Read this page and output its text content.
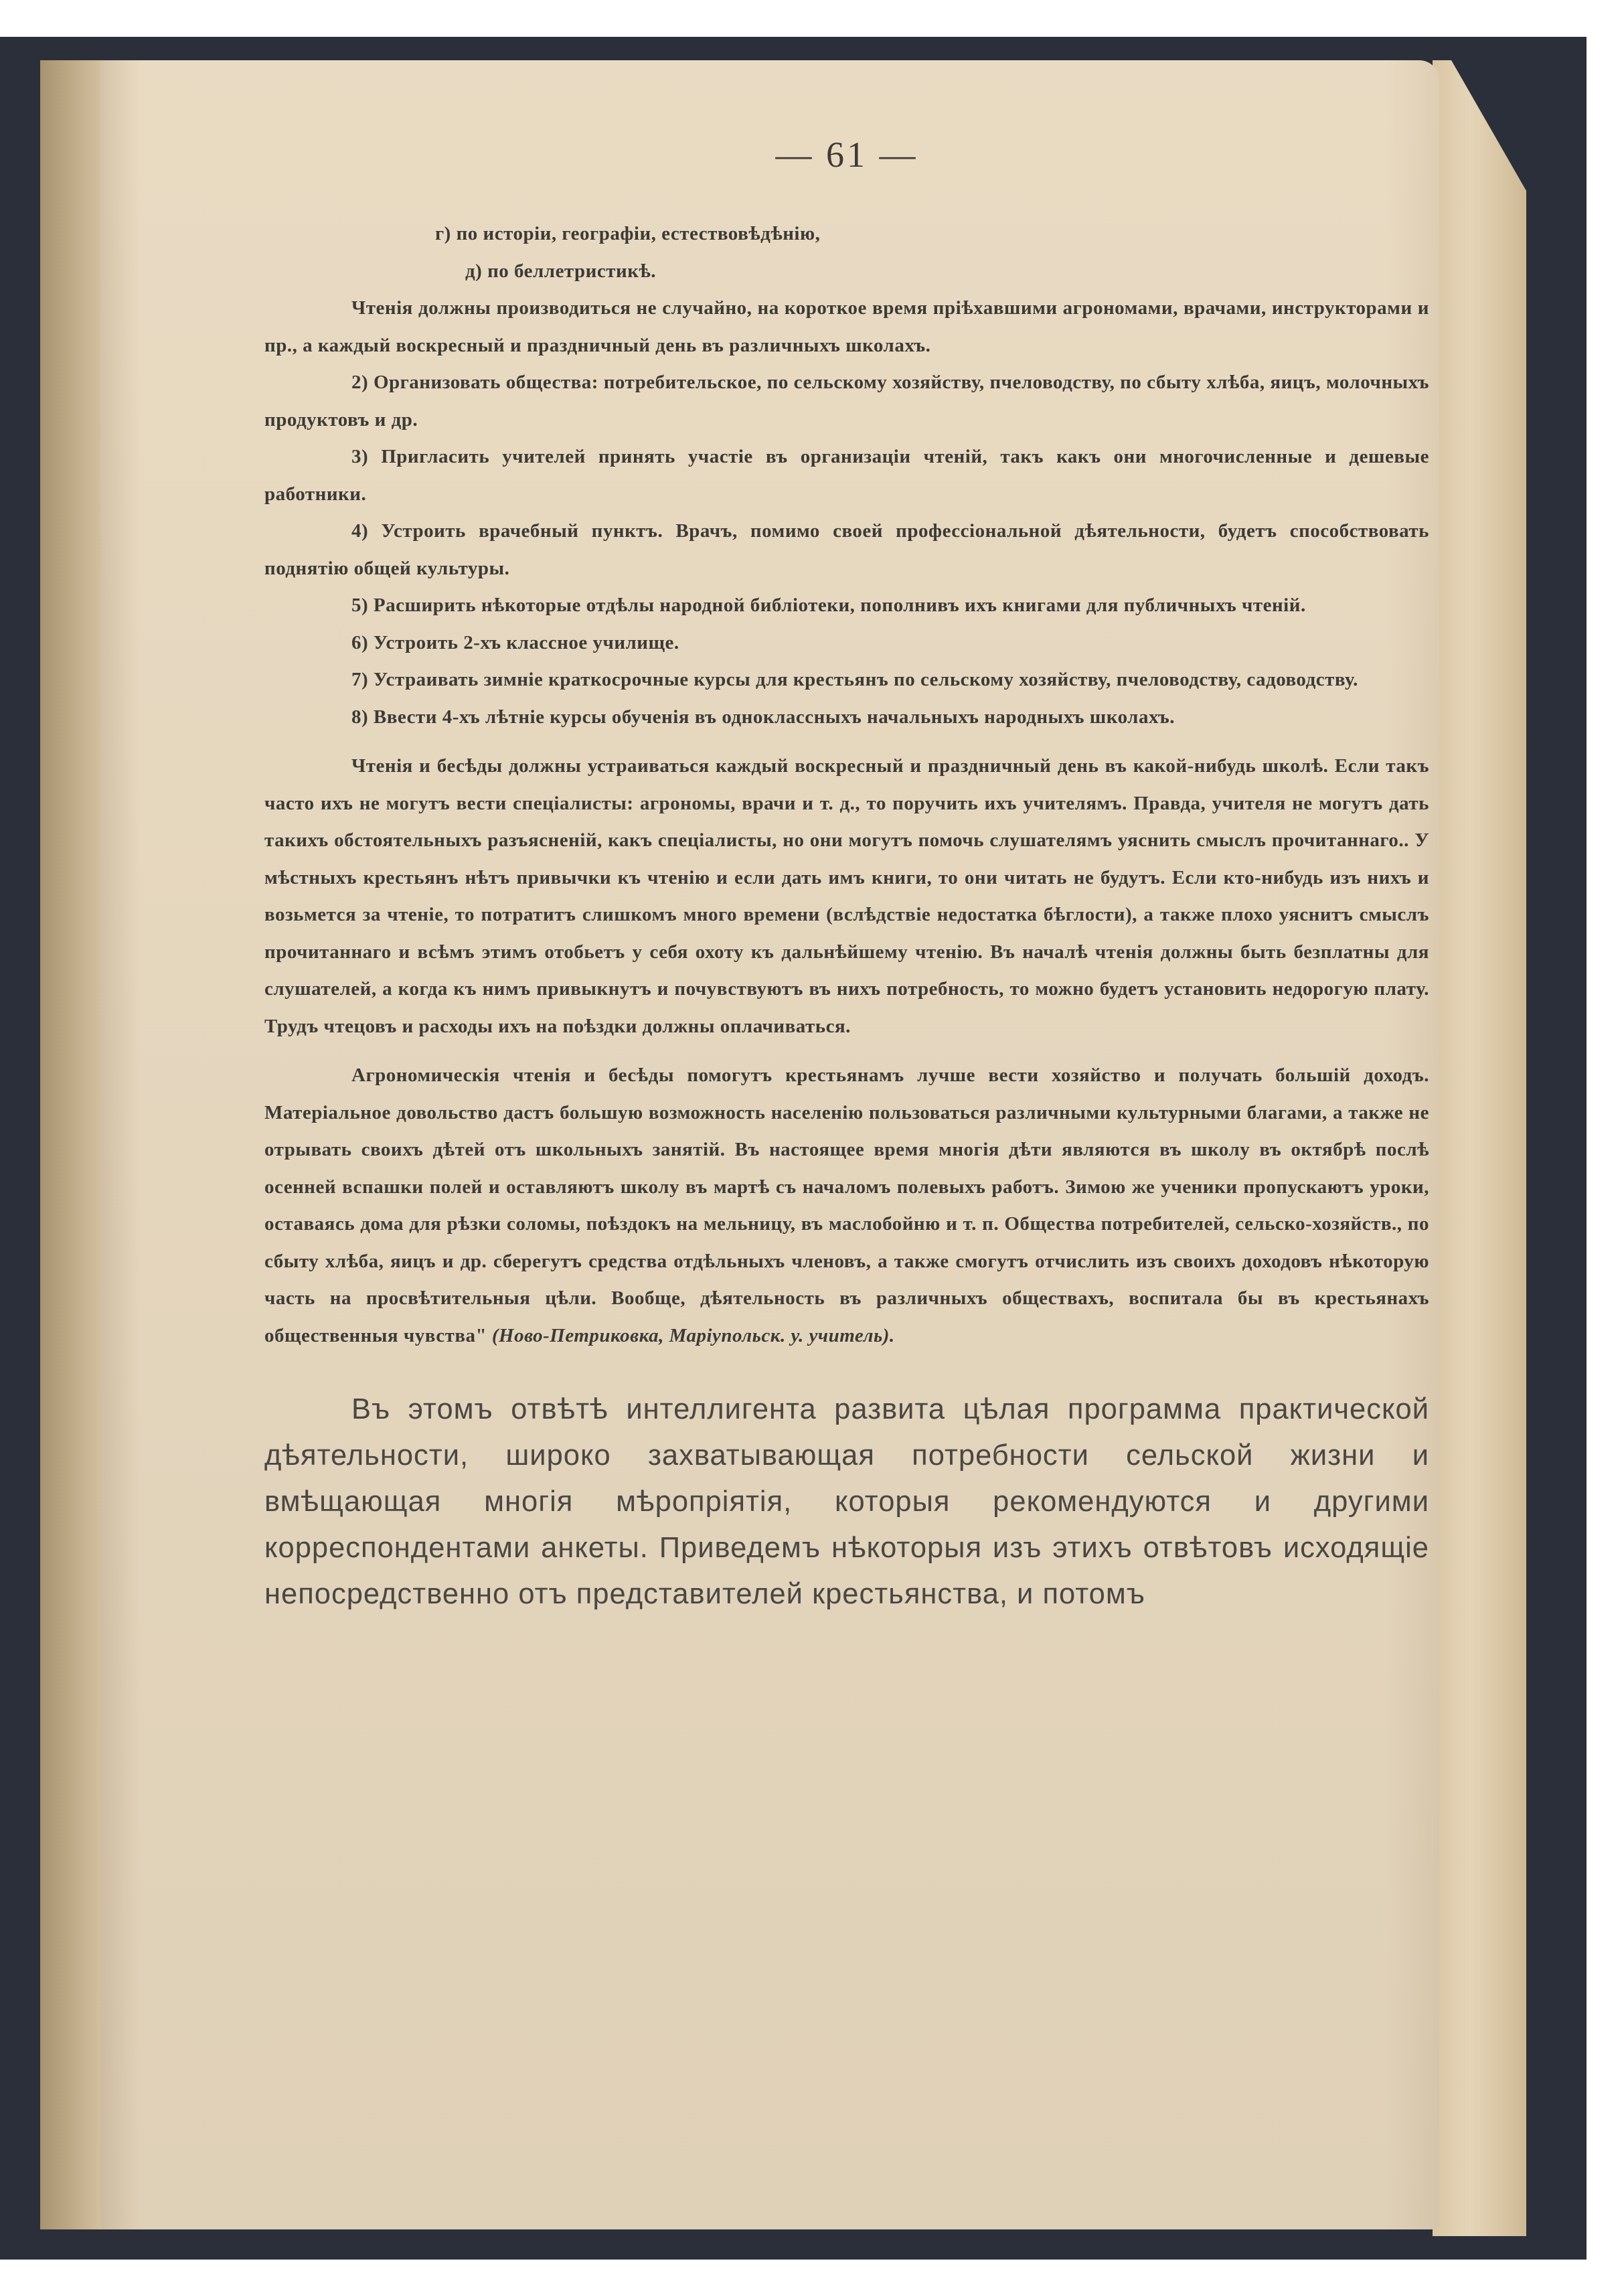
— 61 —

г) по исторіи, географіи, естествовѣдѣнію,

д) по беллетристикѣ.

Чтенія должны производиться не случайно, на короткое время пріѣхавшими агрономами, врачами, инструкторами и пр., а каждый воскресный и праздничный день въ различныхъ школахъ.

2) Организовать общества: потребительское, по сельскому хозяйству, пчеловодству, по сбыту хлѣба, яицъ, молочныхъ продуктовъ и др.

3) Пригласить учителей принять участіе въ организаціи чтеній, такъ какъ они многочисленные и дешевые работники.

4) Устроить врачебный пунктъ. Врачъ, помимо своей профессіональной дѣятельности, будетъ способствовать поднятію общей культуры.

5) Расширить нѣкоторые отдѣлы народной библіотеки, пополнивъ ихъ книгами для публичныхъ чтеній.

6) Устроить 2-хъ классное училище.

7) Устраивать зимніе краткосрочные курсы для крестьянъ по сельскому хозяйству, пчеловодству, садоводству.

8) Ввести 4-хъ лѣтніе курсы обученія въ одноклассныхъ начальныхъ народныхъ школахъ.

Чтенія и бесѣды должны устраиваться каждый воскресный и праздничный день въ какой-нибудь школѣ. Если такъ часто ихъ не могутъ вести спеціалисты: агрономы, врачи и т. д., то поручить ихъ учителямъ. Правда, учителя не могутъ дать такихъ обстоятельныхъ разъясненій, какъ спеціалисты, но они могутъ помочь слушателямъ уяснить смыслъ прочитаннаго.. У мѣстныхъ крестьянъ нѣтъ привычки къ чтенію и если дать имъ книги, то они читать не будутъ. Если кто-нибудь изъ нихъ и возьмется за чтеніе, то потратитъ слишкомъ много времени (вслѣдствіе недостатка бѣглости), а также плохо уяснитъ смыслъ прочитаннаго и всѣмъ этимъ отобьетъ у себя охоту къ дальнѣйшему чтенію. Въ началѣ чтенія должны быть безплатны для слушателей, а когда къ нимъ привыкнутъ и почувствуютъ въ нихъ потребность, то можно будетъ установить недорогую плату. Трудъ чтецовъ и расходы ихъ на поѣздки должны оплачиваться.

Агрономическія чтенія и бесѣды помогутъ крестьянамъ лучше вести хозяйство и получать большій доходъ. Матеріальное довольство дастъ большую возможность населенію пользоваться различными культурными благами, а также не отрывать своихъ дѣтей отъ школьныхъ занятій. Въ настоящее время многія дѣти являются въ школу въ октябрѣ послѣ осенней вспашки полей и оставляютъ школу въ мартѣ съ началомъ полевыхъ работъ. Зимою же ученики пропускаютъ уроки, оставаясь дома для рѣзки соломы, поѣздокъ на мельницу, въ маслобойню и т. п. Общества потребителей, сельско-хозяйств., по сбыту хлѣба, яицъ и др. сберегутъ средства отдѣльныхъ членовъ, а также смогутъ отчислить изъ своихъ доходовъ нѣкоторую часть на просвѣтительныя цѣли. Вообще, дѣятельность въ различныхъ обществахъ, воспитала бы въ крестьянахъ общественныя чувства" (Ново-Петриковка, Маріупольск. у. учитель).

Въ этомъ отвѣтѣ интеллигента развита цѣлая программа практической дѣятельности, широко захватывающая потребности сельской жизни и вмѣщающая многія мѣропріятія, которыя рекомендуются и другими корреспондентами анкеты. Приведемъ нѣкоторыя изъ этихъ отвѣтовъ исходящіе непосредственно отъ представителей крестьянства, и потомъ
